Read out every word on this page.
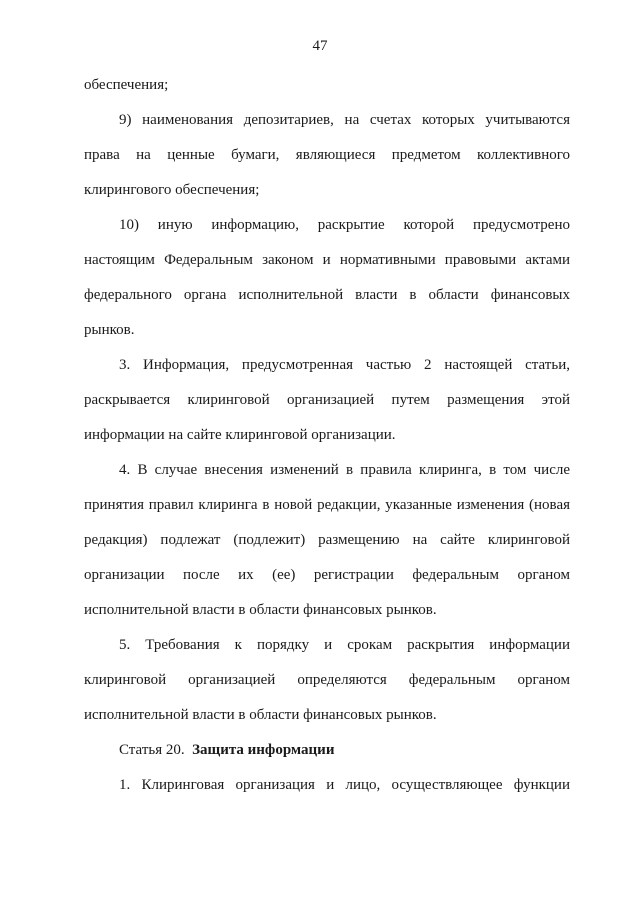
47
обеспечения;
9) наименования депозитариев, на счетах которых учитываются
права на ценные бумаги, являющиеся предметом коллективного
клирингового обеспечения;
10) иную информацию, раскрытие которой предусмотрено
настоящим Федеральным законом и нормативными правовыми актами
федерального органа исполнительной власти в области финансовых
рынков.
3. Информация, предусмотренная частью 2 настоящей статьи,
раскрывается клиринговой организацией путем размещения этой
информации на сайте клиринговой организации.
4. В случае внесения изменений в правила клиринга, в том числе
принятия правил клиринга в новой редакции, указанные изменения (новая
редакция) подлежат (подлежит) размещению на сайте клиринговой
организации после их (ее) регистрации федеральным органом
исполнительной власти в области финансовых рынков.
5. Требования к порядку и срокам раскрытия информации
клиринговой организацией определяются федеральным органом
исполнительной власти в области финансовых рынков.

Статья 20. Защита информации

1. Клиринговая организация и лицо, осуществляющее функции
